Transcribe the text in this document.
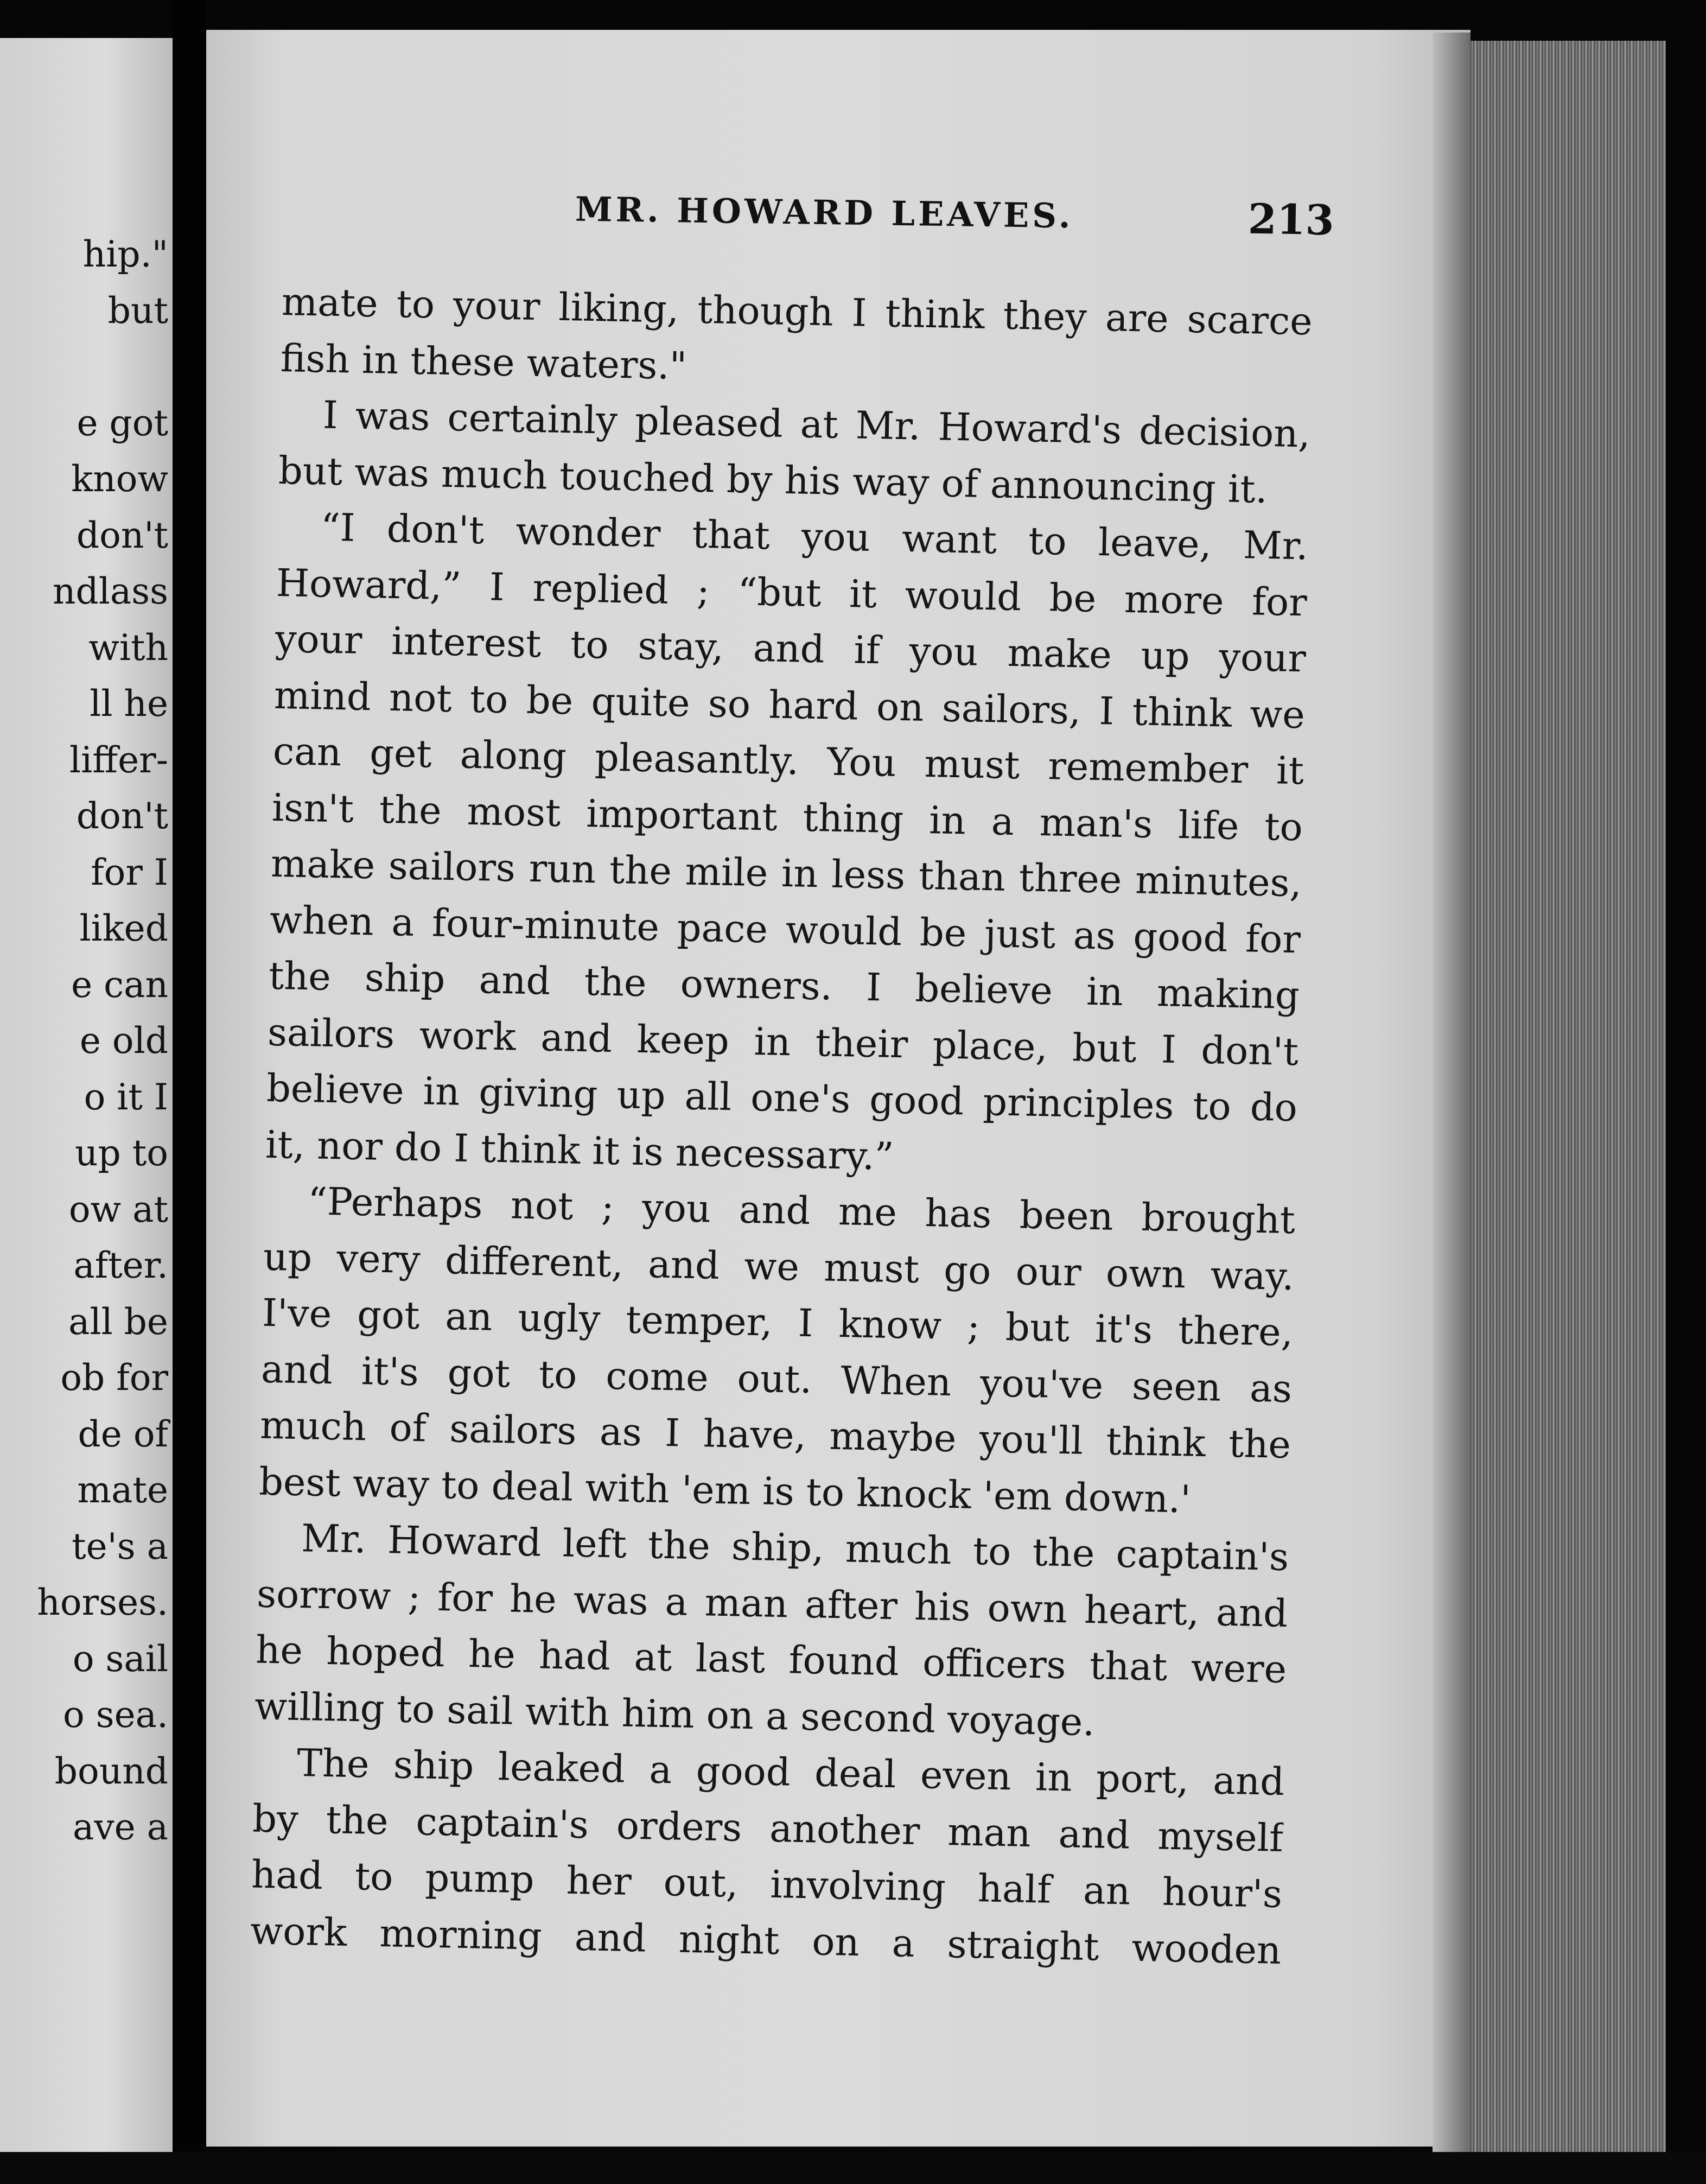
hip."
but
e got
know
don't
ndlass
with
ll he
liffer-
don't
for I
liked
e can
e old
o it I
up to
ow at
after.
all be
ob for
de of
mate
te's a
horses.
o sail
o sea.
bound
ave a
MR. HOWARD LEAVES.	213
mate to your liking, though I think they are scarce
fish in these waters."
I was certainly pleased at Mr. Howard's decision,
but was much touched by his way of announcing it.
“I don't wonder that you want to leave, Mr.
Howard,” I replied ; “but it would be more for
your interest to stay, and if you make up your
mind not to be quite so hard on sailors, I think we
can get along pleasantly. You must remember it
isn't the most important thing in a man's life to
make sailors run the mile in less than three minutes,
when a four-minute pace would be just as good for
the ship and the owners. I believe in making
sailors work and keep in their place, but I don't
believe in giving up all one's good principles to do
it, nor do I think it is necessary.”
“Perhaps not ; you and me has been brought
up very different, and we must go our own way.
I've got an ugly temper, I know ; but it's there,
and it's got to come out. When you've seen as
much of sailors as I have, maybe you'll think the
best way to deal with 'em is to knock 'em down.'
Mr. Howard left the ship, much to the captain's
sorrow ; for he was a man after his own heart, and
he hoped he had at last found officers that were
willing to sail with him on a second voyage.
The ship leaked a good deal even in port, and
by the captain's orders another man and myself
had to pump her out, involving half an hour's
work morning and night on a straight wooden
